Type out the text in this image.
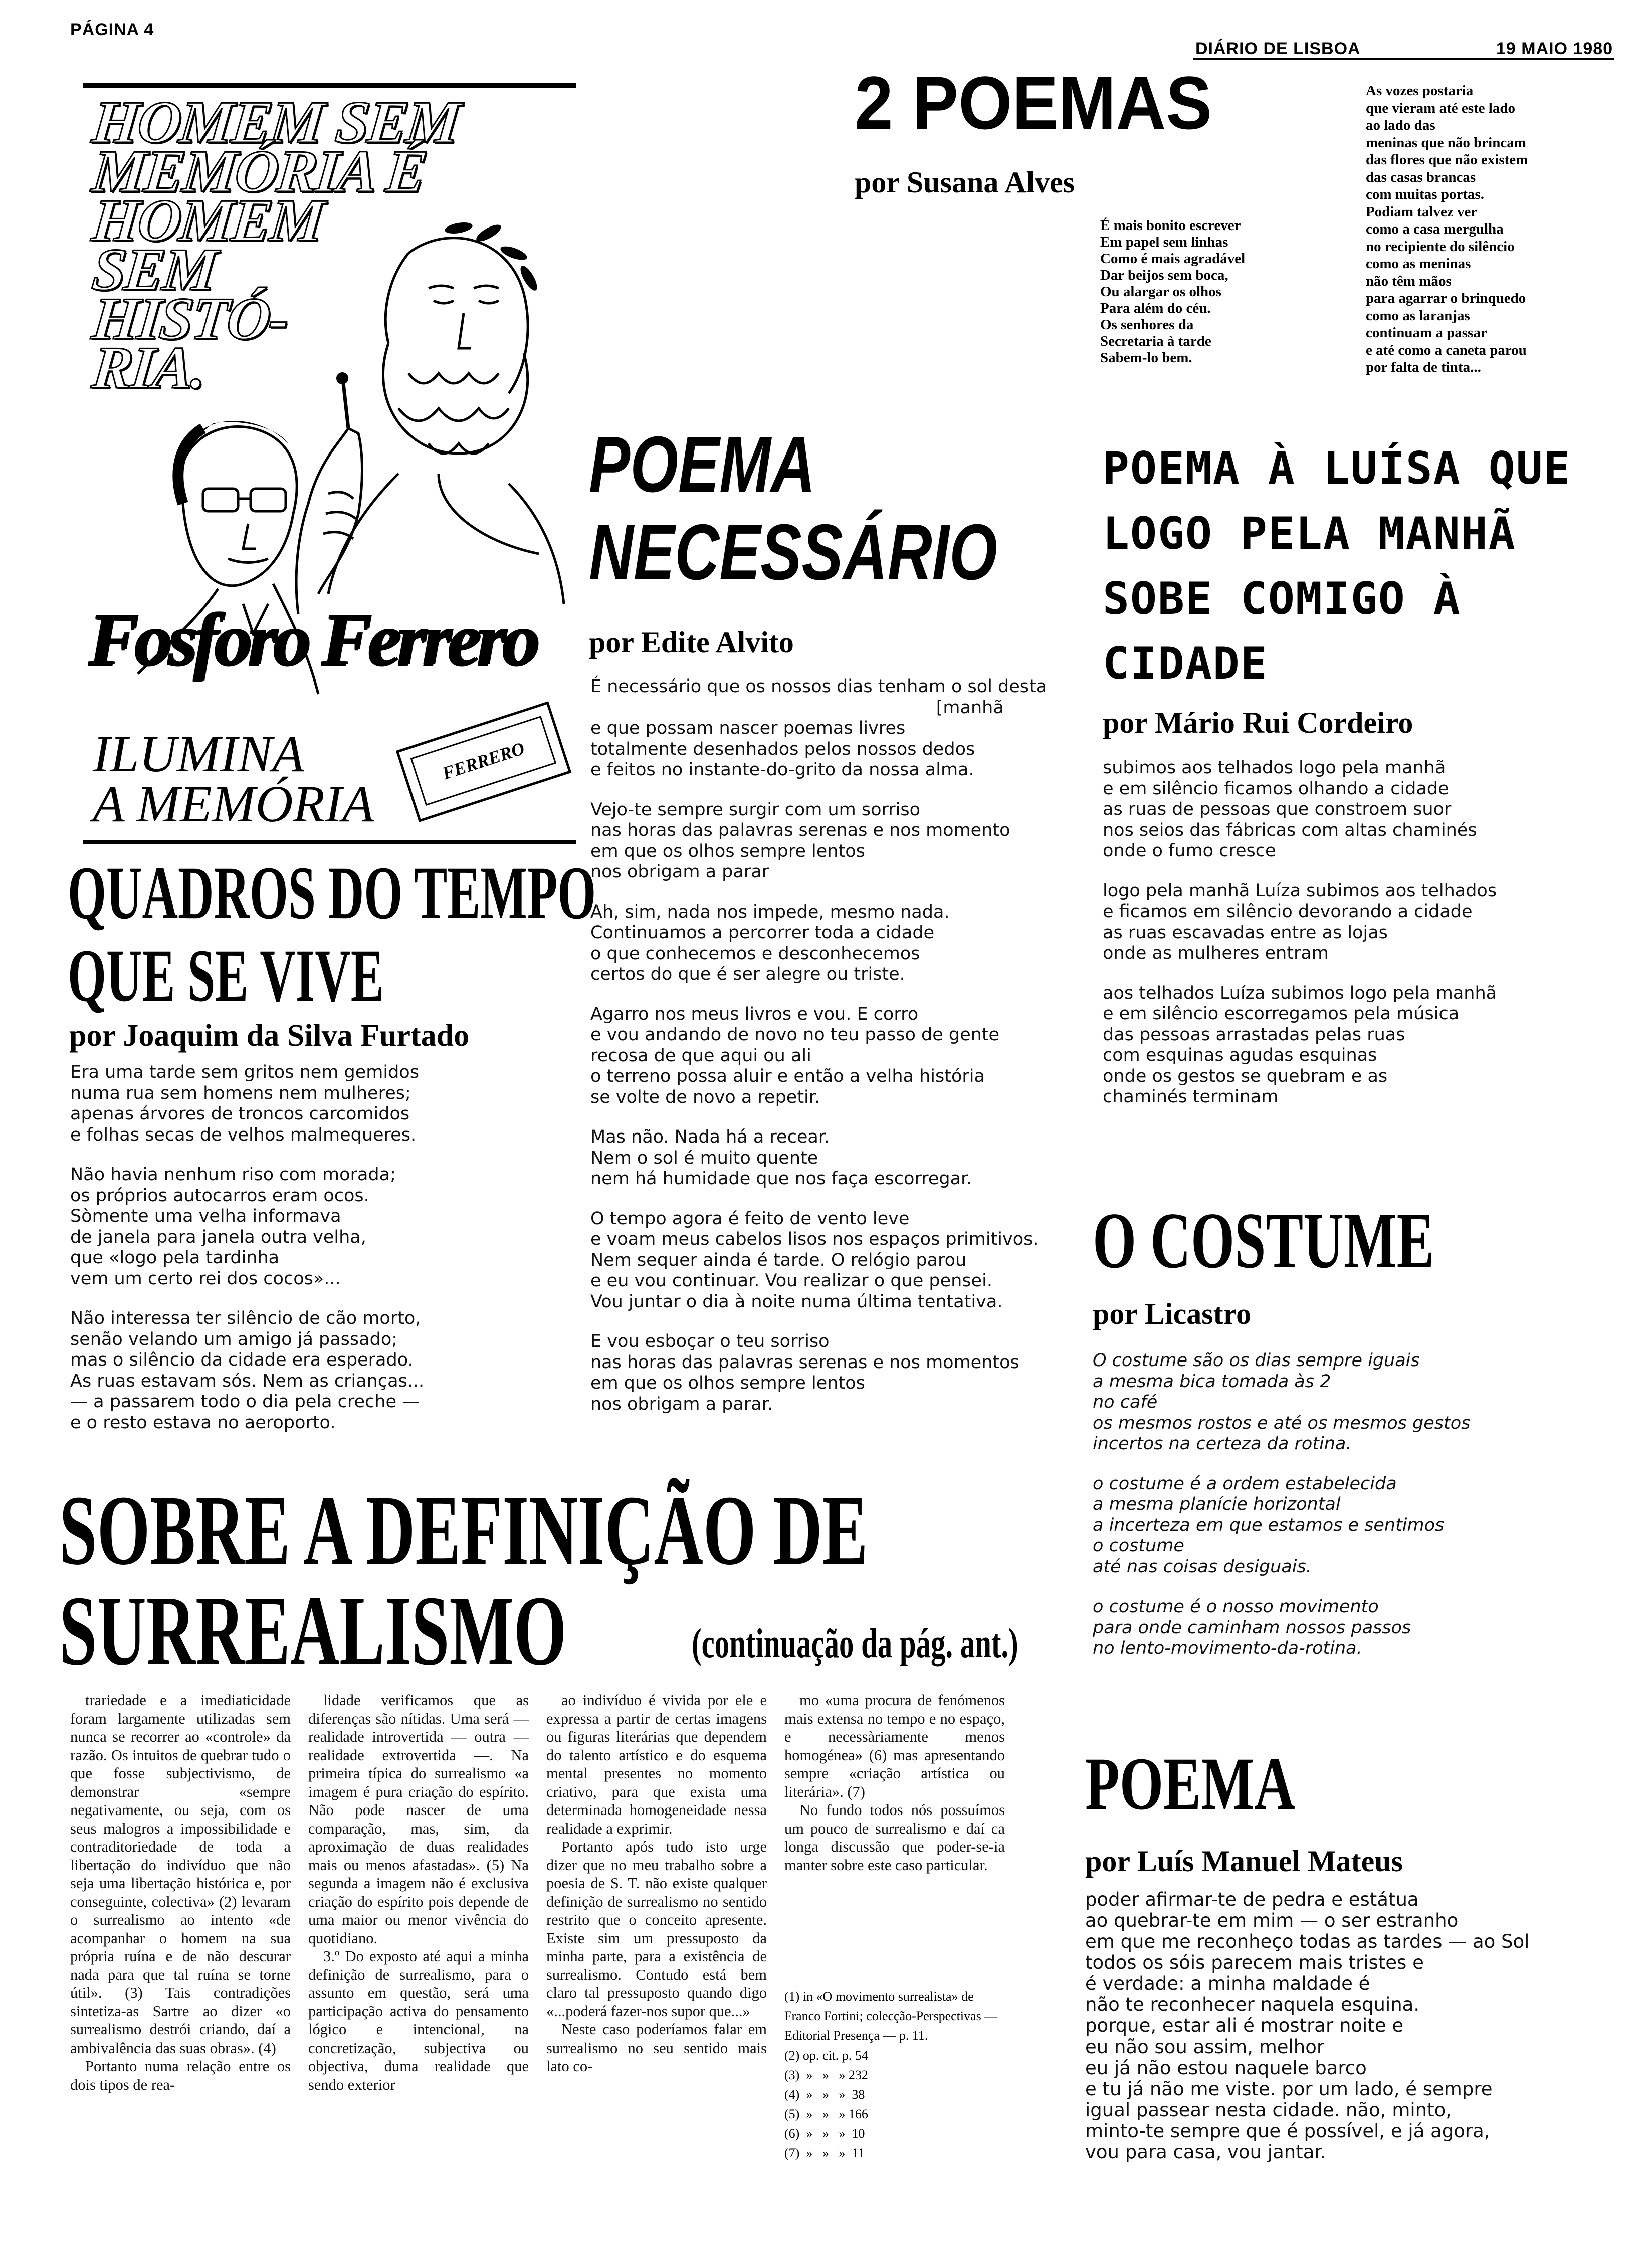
PÁGINA 4
DIÁRIO DE LISBOA	19 MAIO 1980
HOMEM SEM
MEMÓRIA É
HOMEM
SEM
HISTÓ-
RIA.
Fosforo Ferrero
ILUMINA
A MEMÓRIA
FERRERO
2 POEMAS
por Susana Alves
É mais bonito escrever
Em papel sem linhas
Como é mais agradável
Dar beijos sem boca,
Ou alargar os olhos
Para além do céu.
Os senhores da
Secretaria à tarde
Sabem-lo bem.
As vozes postaria
que vieram até este lado
ao lado das
meninas que não brincam
das flores que não existem
das casas brancas
com muitas portas.
Podiam talvez ver
como a casa mergulha
no recipiente do silêncio
como as meninas
não têm mãos
para agarrar o brinquedo
como as laranjas
continuam a passar
e até como a caneta parou
por falta de tinta...
POEMA
NECESSÁRIO
por Edite Alvito
É necessário que os nossos dias tenham o sol desta
[manhã
e que possam nascer poemas livres
totalmente desenhados pelos nossos dedos
e feitos no instante-do-grito da nossa alma.
Vejo-te sempre surgir com um sorriso
nas horas das palavras serenas e nos momento
em que os olhos sempre lentos
nos obrigam a parar
Ah, sim, nada nos impede, mesmo nada.
Continuamos a percorrer toda a cidade
o que conhecemos e desconhecemos
certos do que é ser alegre ou triste.
Agarro nos meus livros e vou. E corro
e vou andando de novo no teu passo de gente
recosa de que aqui ou ali
o terreno possa aluir e então a velha história
se volte de novo a repetir.
Mas não. Nada há a recear.
Nem o sol é muito quente
nem há humidade que nos faça escorregar.
O tempo agora é feito de vento leve
e voam meus cabelos lisos nos espaços primitivos.
Nem sequer ainda é tarde. O relógio parou
e eu vou continuar. Vou realizar o que pensei.
Vou juntar o dia à noite numa última tentativa.
E vou esboçar o teu sorriso
nas horas das palavras serenas e nos momentos
em que os olhos sempre lentos
nos obrigam a parar.
POEMA À LUÍSA QUE
LOGO PELA MANHÃ
SOBE COMIGO À
CIDADE
por Mário Rui Cordeiro
subimos aos telhados logo pela manhã
e em silêncio ficamos olhando a cidade
as ruas de pessoas que constroem suor
nos seios das fábricas com altas chaminés
onde o fumo cresce
logo pela manhã Luíza subimos aos telhados
e ficamos em silêncio devorando a cidade
as ruas escavadas entre as lojas
onde as mulheres entram
aos telhados Luíza subimos logo pela manhã
e em silêncio escorregamos pela música
das pessoas arrastadas pelas ruas
com esquinas agudas esquinas
onde os gestos se quebram e as
chaminés terminam
QUADROS DO TEMPO
QUE SE VIVE
por Joaquim da Silva Furtado
Era uma tarde sem gritos nem gemidos
numa rua sem homens nem mulheres;
apenas árvores de troncos carcomidos
e folhas secas de velhos malmequeres.
Não havia nenhum riso com morada;
os próprios autocarros eram ocos.
Sòmente uma velha informava
de janela para janela outra velha,
que «logo pela tardinha
vem um certo rei dos cocos»...
Não interessa ter silêncio de cão morto,
senão velando um amigo já passado;
mas o silêncio da cidade era esperado.
As ruas estavam sós. Nem as crianças...
— a passarem todo o dia pela creche —
e o resto estava no aeroporto.
O COSTUME
por Licastro
O costume são os dias sempre iguais
a mesma bica tomada às 2
no café
os mesmos rostos e até os mesmos gestos
incertos na certeza da rotina.
o costume é a ordem estabelecida
a mesma planície horizontal
a incerteza em que estamos e sentimos
o costume
até nas coisas desiguais.
o costume é o nosso movimento
para onde caminham nossos passos
no lento-movimento-da-rotina.
SOBRE A DEFINIÇÃO DE
SURREALISMO	(continuação da pág. ant.)

trariedade e a imediaticidade foram largamente utilizadas sem nunca se recorrer ao «controle» da razão. Os intuitos de quebrar tudo o que fosse subjectivismo, de demonstrar «sempre negativamente, ou seja, com os seus malogros a impossibilidade e contraditoriedade de toda a libertação do indivíduo que não seja uma libertação histórica e, por conseguinte, colectiva» (2) levaram o surrealismo ao intento «de acompanhar o homem na sua própria ruína e de não descurar nada para que tal ruína se torne útil». (3) Tais contradições sintetiza-as Sartre ao dizer «o surrealismo destrói criando, daí a ambivalência das suas obras». (4)

Portanto numa relação entre os dois tipos de rea-

lidade verificamos que as diferenças são nítidas. Uma será — realidade introvertida — outra — realidade extrovertida —. Na primeira típica do surrealismo «a imagem é pura criação do espírito. Não pode nascer de uma comparação, mas, sim, da aproximação de duas realidades mais ou menos afastadas». (5) Na segunda a imagem não é exclusiva criação do espírito pois depende de uma maior ou menor vivência do quotidiano.

3.º Do exposto até aqui a minha definição de surrealismo, para o assunto em questão, será uma participação activa do pensamento lógico e intencional, na concretização, subjectiva ou objectiva, duma realidade que sendo exterior

ao indivíduo é vivida por ele e expressa a partir de certas imagens ou figuras literárias que dependem do talento artístico e do esquema mental presentes no momento criativo, para que exista uma determinada homogeneidade nessa realidade a exprimir.

Portanto após tudo isto urge dizer que no meu trabalho sobre a poesia de S. T. não existe qualquer definição de surrealismo no sentido restrito que o conceito apresente. Existe sim um pressuposto da minha parte, para a existência de surrealismo. Contudo está bem claro tal pressuposto quando digo «...poderá fazer-nos supor que...»

Neste caso poderíamos falar em surrealismo no seu sentido mais lato co-

mo «uma procura de fenómenos mais extensa no tempo e no espaço, e necessàriamente menos homogénea» (6) mas apresentando sempre «criação artística ou literária». (7)

No fundo todos nós possuímos um pouco de surrealismo e daí ca longa discussão que poder-se-ia manter sobre este caso particular.

(1) in «O movimento surrealista» de Franco Fortini; colecção-Perspectivas — Editorial Presença — p. 11.
(2) op. cit. p. 54
(3)  »   »   » 232
(4)  »   »   »  38
(5)  »   »   » 166
(6)  »   »   »  10
(7)  »   »   »  11
POEMA
por Luís Manuel Mateus
poder afirmar-te de pedra e estátua
ao quebrar-te em mim — o ser estranho
em que me reconheço todas as tardes — ao Sol
todos os sóis parecem mais tristes e
é verdade: a minha maldade é
não te reconhecer naquela esquina.
porque, estar ali é mostrar noite e
eu não sou assim, melhor
eu já não estou naquele barco
e tu já não me viste. por um lado, é sempre
igual passear nesta cidade. não, minto,
minto-te sempre que é possível, e já agora,
vou para casa, vou jantar.
